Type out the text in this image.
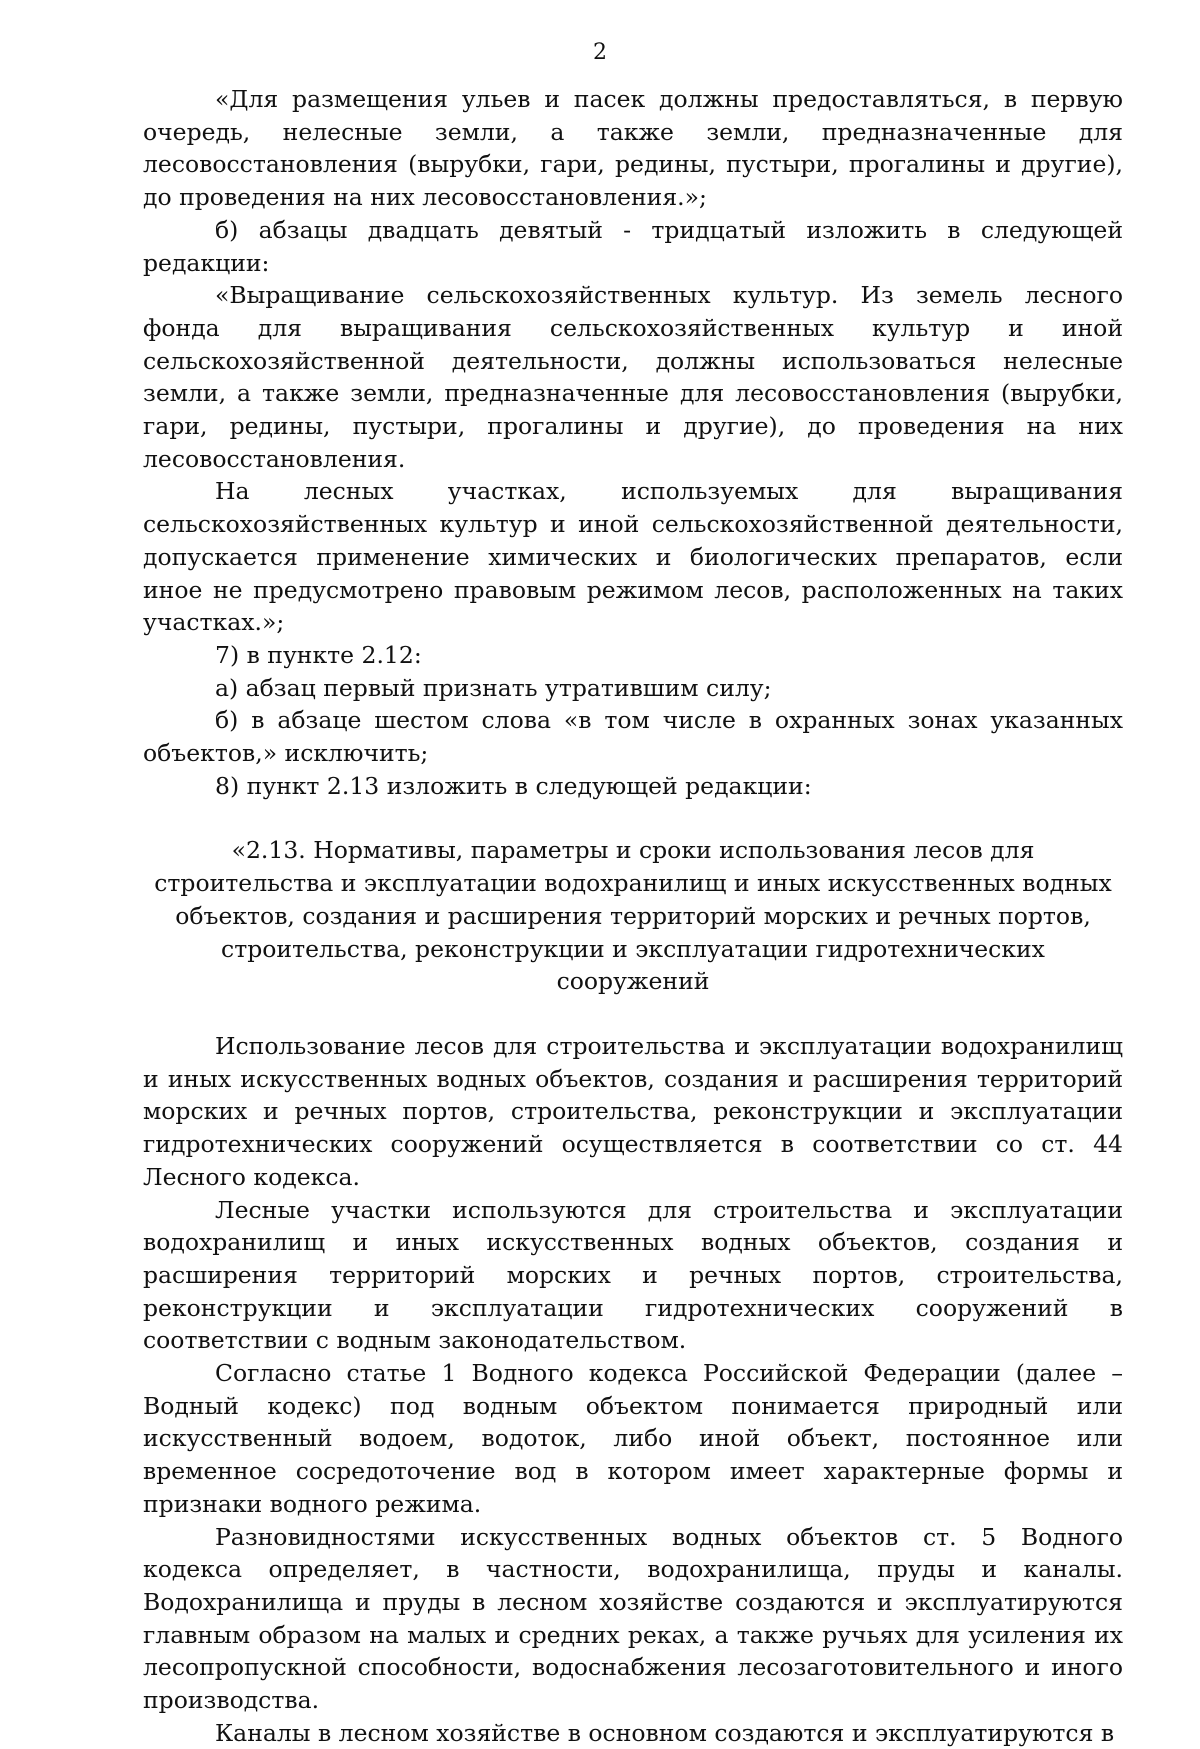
2

«Для размещения ульев и пасек должны предоставляться, в первую очередь, нелесные земли, а также земли, предназначенные для лесовосстановления (вырубки, гари, редины, пустыри, прогалины и другие), до проведения на них лесовосстановления.»;

б) абзацы двадцать девятый - тридцатый изложить в следующей редакции:

«Выращивание сельскохозяйственных культур. Из земель лесного фонда для выращивания сельскохозяйственных культур и иной сельскохозяйственной деятельности, должны использоваться нелесные земли, а также земли, предназначенные для лесовосстановления (вырубки, гари, редины, пустыри, прогалины и другие), до проведения на них лесовосстановления.

На лесных участках, используемых для выращивания сельскохозяйственных культур и иной сельскохозяйственной деятельности, допускается применение химических и биологических препаратов, если иное не предусмотрено правовым режимом лесов, расположенных на таких участках.»;

7) в пункте 2.12:

а) абзац первый признать утратившим силу;

б) в абзаце шестом слова «в том числе в охранных зонах указанных объектов,» исключить;

8) пункт 2.13 изложить в следующей редакции:

«2.13. Нормативы, параметры и сроки использования лесов для
строительства и эксплуатации водохранилищ и иных искусственных водных
объектов, создания и расширения территорий морских и речных портов,
строительства, реконструкции и эксплуатации гидротехнических сооружений

Использование лесов для строительства и эксплуатации водохранилищ и иных искусственных водных объектов, создания и расширения территорий морских и речных портов, строительства, реконструкции и эксплуатации гидротехнических сооружений осуществляется в соответствии со ст. 44 Лесного кодекса.

Лесные участки используются для строительства и эксплуатации водохранилищ и иных искусственных водных объектов, создания и расширения территорий морских и речных портов, строительства, реконструкции и эксплуатации гидротехнических сооружений в соответствии с водным законодательством.

Согласно статье 1 Водного кодекса Российской Федерации (далее – Водный кодекс) под водным объектом понимается природный или искусственный водоем, водоток, либо иной объект, постоянное или временное сосредоточение вод в котором имеет характерные формы и признаки водного режима.

Разновидностями искусственных водных объектов ст. 5 Водного кодекса определяет, в частности, водохранилища, пруды и каналы. Водохранилища и пруды в лесном хозяйстве создаются и эксплуатируются главным образом на малых и средних реках, а также ручьях для усиления их лесопропускной способности, водоснабжения лесозаготовительного и иного производства.

Каналы в лесном хозяйстве в основном создаются и эксплуатируются в
